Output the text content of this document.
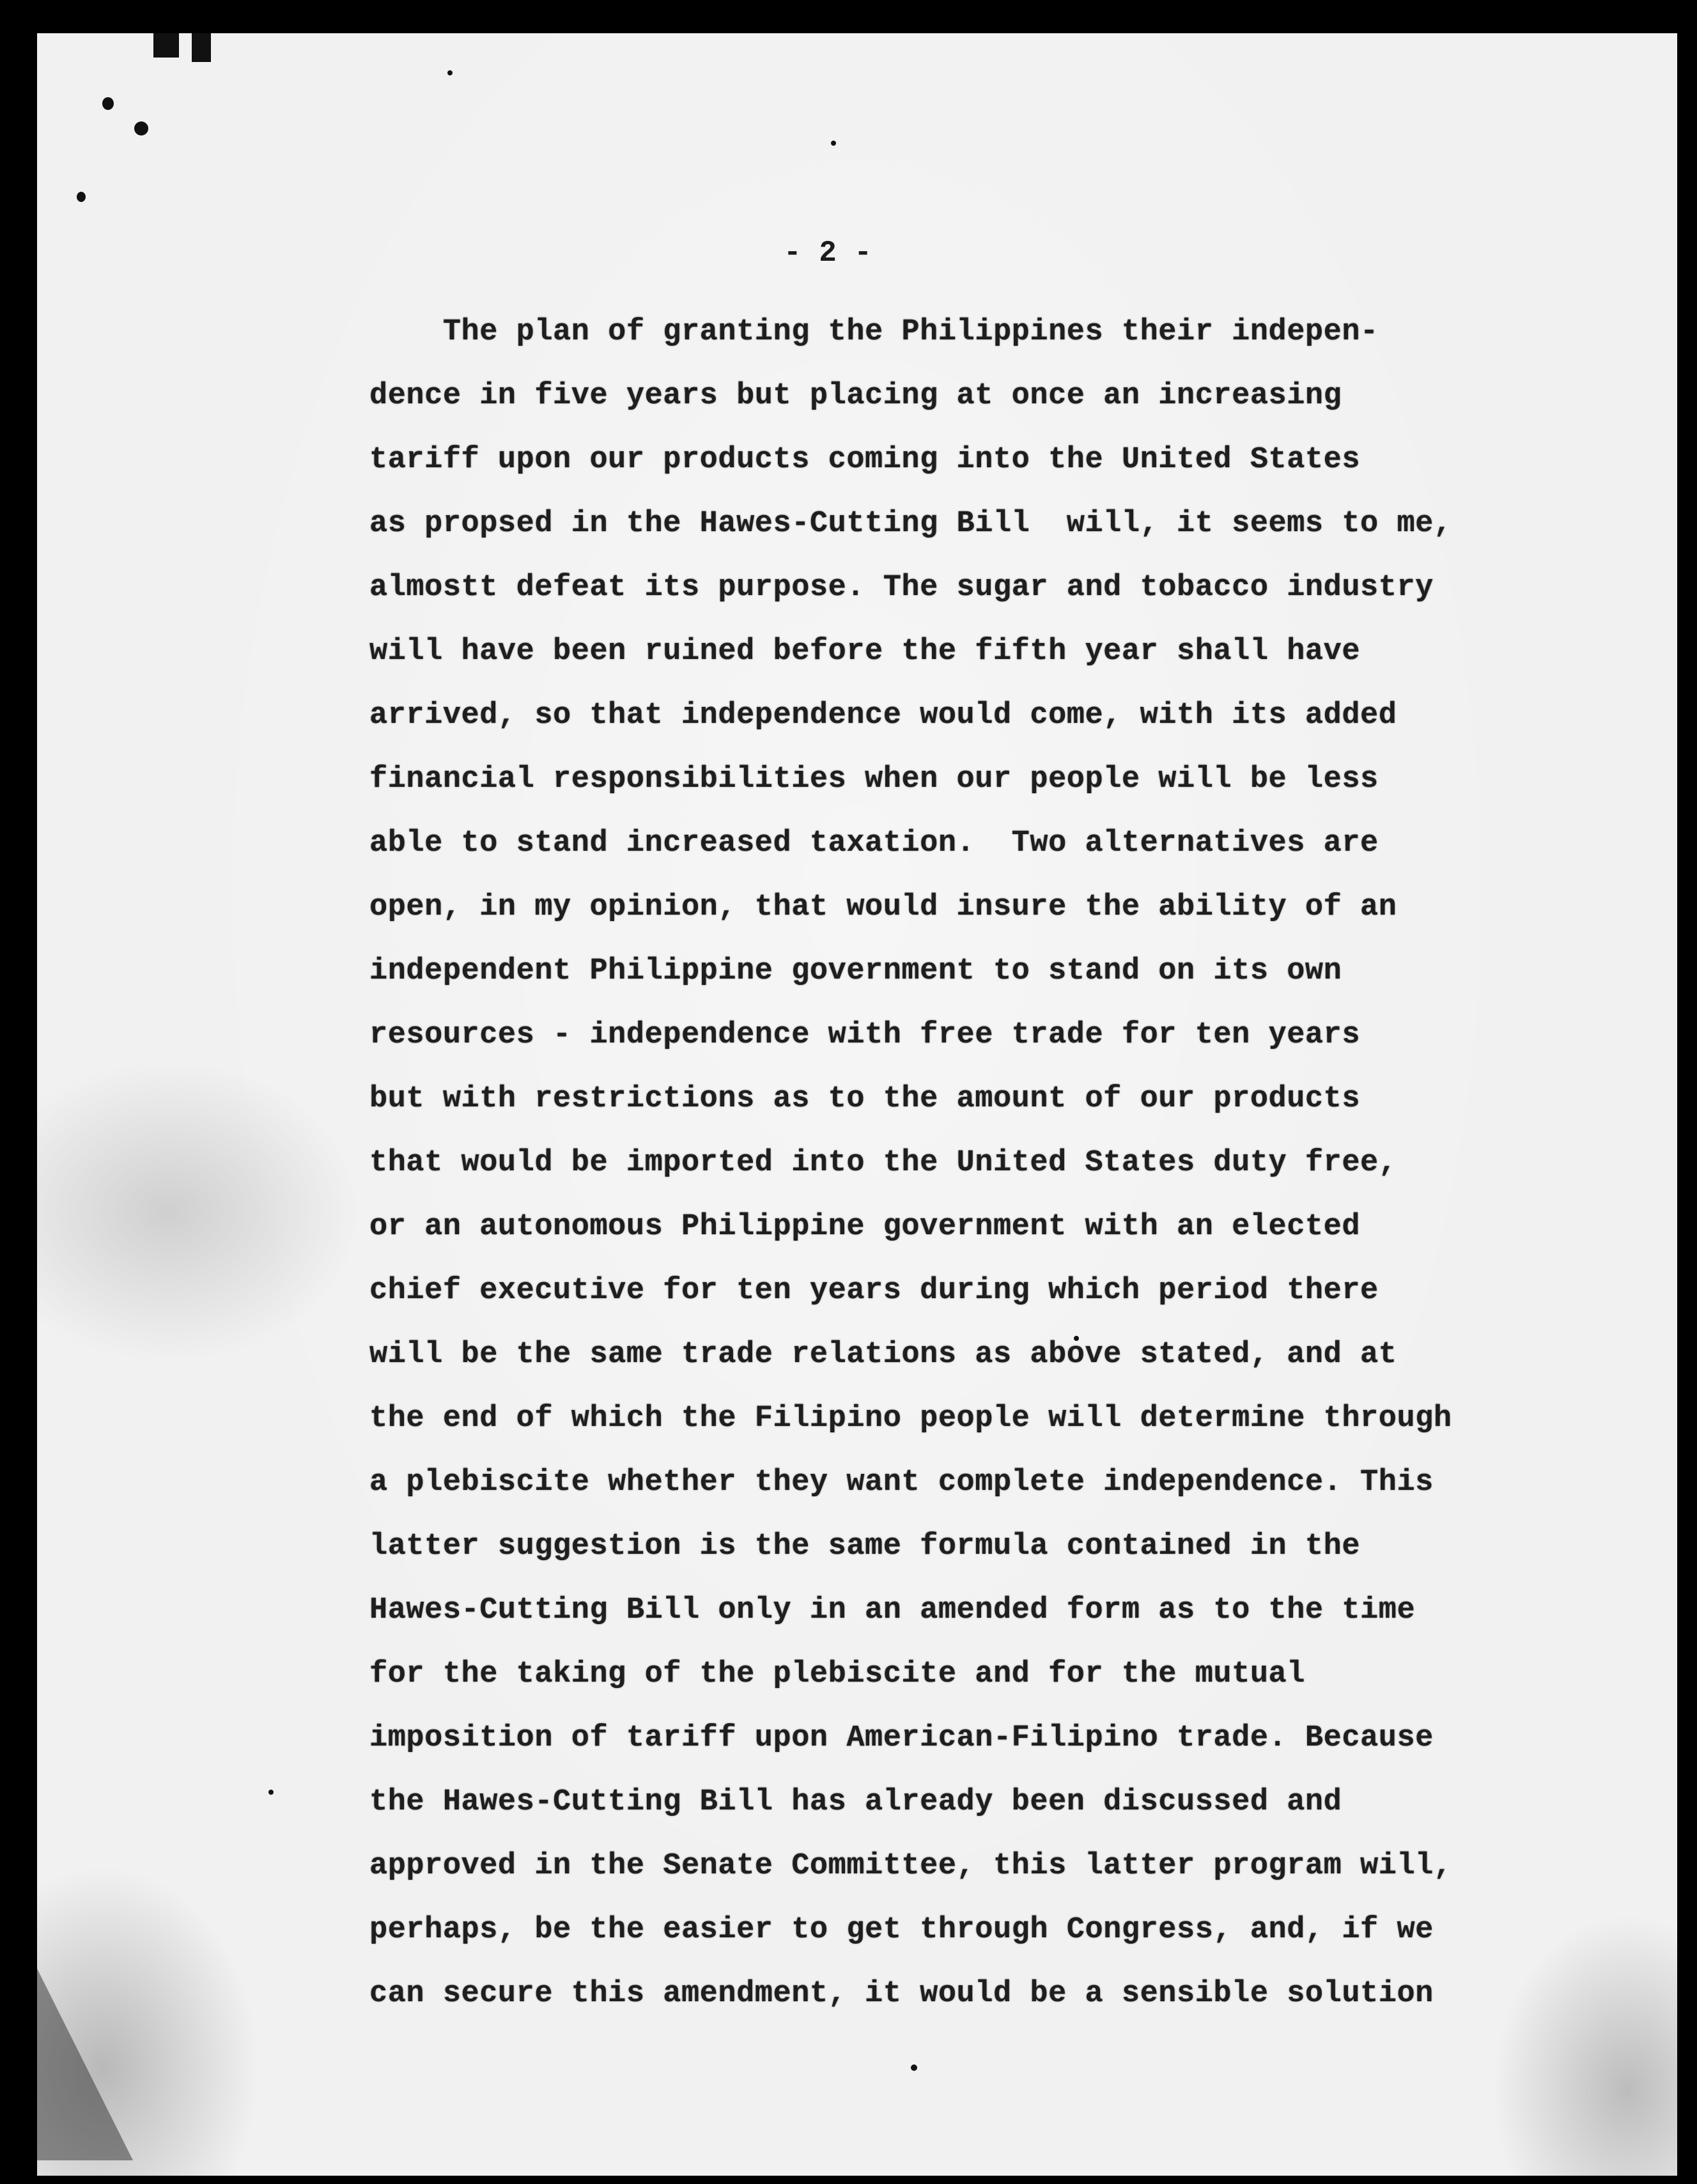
- 2 -
The plan of granting the Philippines their indepen-
dence in five years but placing at once an increasing
tariff upon our products coming into the United States
as propsed in the Hawes-Cutting Bill  will, it seems to me,
almostt defeat its purpose. The sugar and tobacco industry
will have been ruined before the fifth year shall have
arrived, so that independence would come, with its added
financial responsibilities when our people will be less
able to stand increased taxation.  Two alternatives are
open, in my opinion, that would insure the ability of an
independent Philippine government to stand on its own
resources - independence with free trade for ten years
but with restrictions as to the amount of our products
that would be imported into the United States duty free,
or an autonomous Philippine government with an elected
chief executive for ten years during which period there
will be the same trade relations as above stated, and at
the end of which the Filipino people will determine through
a plebiscite whether they want complete independence. This
latter suggestion is the same formula contained in the
Hawes-Cutting Bill only in an amended form as to the time
for the taking of the plebiscite and for the mutual
imposition of tariff upon American-Filipino trade. Because
the Hawes-Cutting Bill has already been discussed and
approved in the Senate Committee, this latter program will,
perhaps, be the easier to get through Congress, and, if we
can secure this amendment, it would be a sensible solution
